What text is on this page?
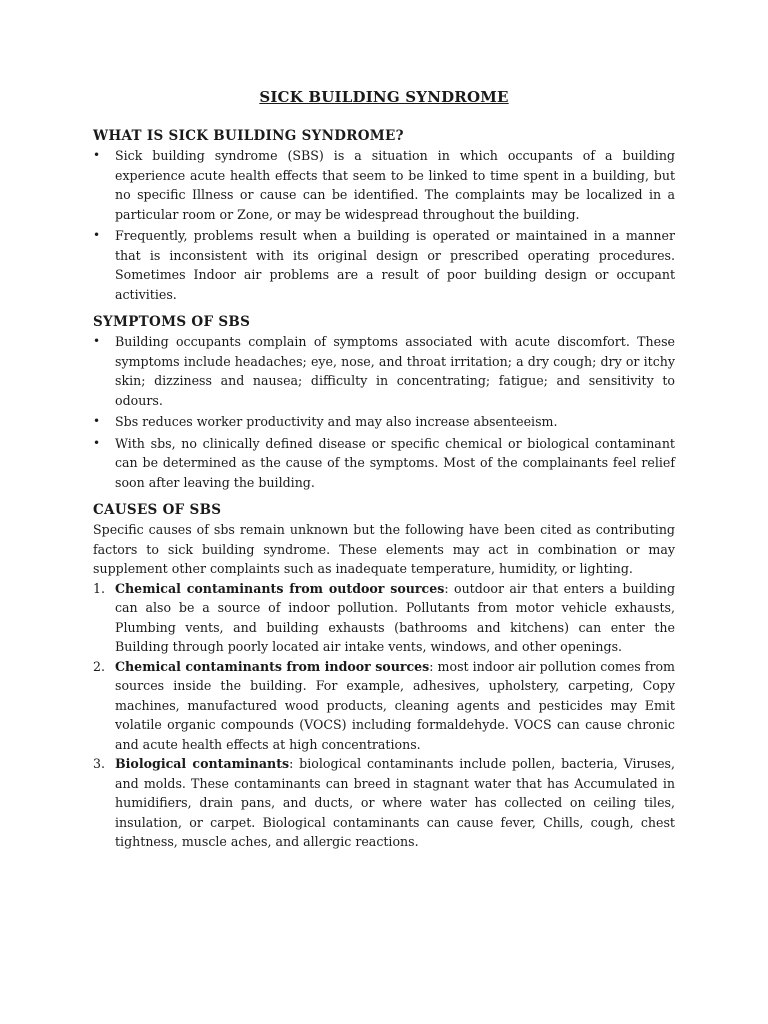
SICK BUILDING SYNDROME
WHAT IS SICK BUILDING SYNDROME?
• Sick building syndrome (SBS) is a situation in which occupants of a building experience acute health effects that seem to be linked to time spent in a building, but no specific Illness or cause can be identified. The complaints may be localized in a particular room or Zone, or may be widespread throughout the building.
• Frequently, problems result when a building is operated or maintained in a manner that is inconsistent with its original design or prescribed operating procedures. Sometimes Indoor air problems are a result of poor building design or occupant activities.
SYMPTOMS OF SBS
• Building occupants complain of symptoms associated with acute discomfort. These symptoms include headaches; eye, nose, and throat irritation; a dry cough; dry or itchy skin; dizziness and nausea; difficulty in concentrating; fatigue; and sensitivity to odours.
• Sbs reduces worker productivity and may also increase absenteeism.
• With sbs, no clinically defined disease or specific chemical or biological contaminant can be determined as the cause of the symptoms. Most of the complainants feel relief soon after leaving the building.
CAUSES OF SBS

Specific causes of sbs remain unknown but the following have been cited as contributing factors to sick building syndrome. These elements may act in combination or may supplement other complaints such as inadequate temperature, humidity, or lighting.

1. Chemical contaminants from outdoor sources: outdoor air that enters a building can also be a source of indoor pollution. Pollutants from motor vehicle exhausts, Plumbing vents, and building exhausts (bathrooms and kitchens) can enter the Building through poorly located air intake vents, windows, and other openings.
2. Chemical contaminants from indoor sources: most indoor air pollution comes from sources inside the building. For example, adhesives, upholstery, carpeting, Copy machines, manufactured wood products, cleaning agents and pesticides may Emit volatile organic compounds (VOCS) including formaldehyde. VOCS can cause chronic and acute health effects at high concentrations.
3. Biological contaminants: biological contaminants include pollen, bacteria, Viruses, and molds. These contaminants can breed in stagnant water that has Accumulated in humidifiers, drain pans, and ducts, or where water has collected on ceiling tiles, insulation, or carpet. Biological contaminants can cause fever, Chills, cough, chest tightness, muscle aches, and allergic reactions.
